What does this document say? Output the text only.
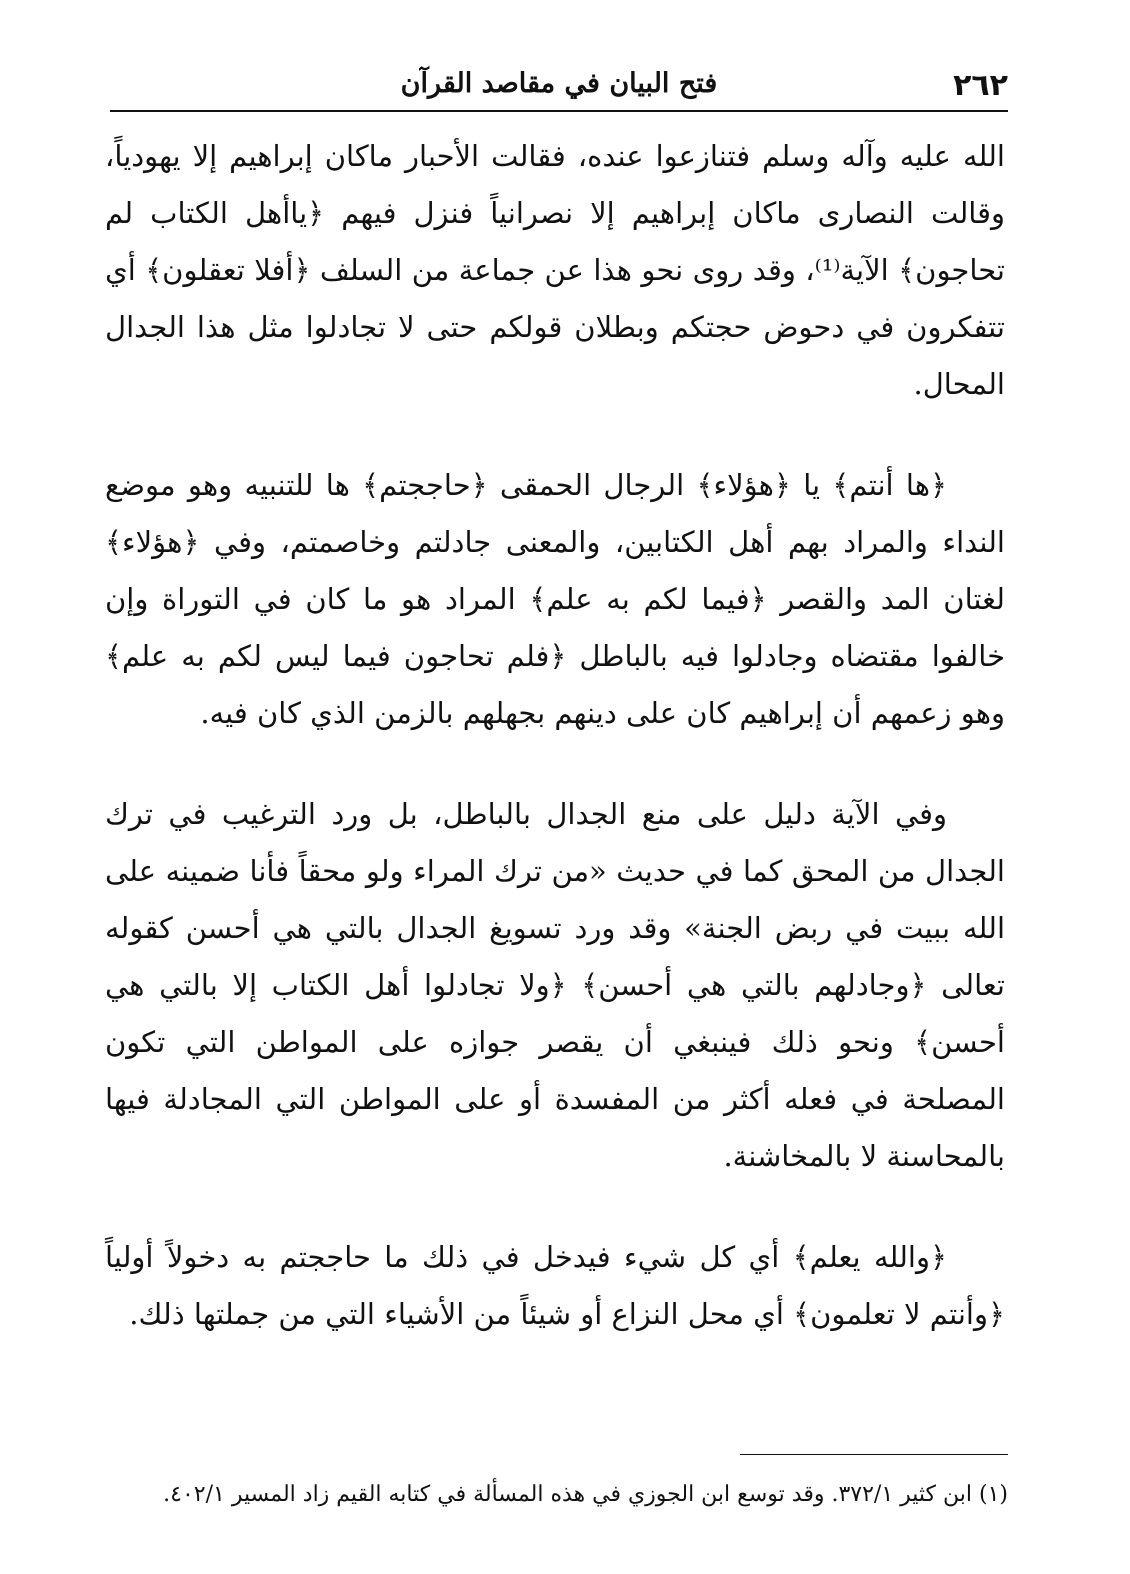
٢٦٢
فتح البيان في مقاصد القرآن

الله عليه وآله وسلم فتنازعوا عنده، فقالت الأحبار ماكان إبراهيم إلا يهودياً، وقالت النصارى ماكان إبراهيم إلا نصرانياً فنزل فيهم ﴿ياأهل الكتاب لم تحاجون﴾ الآية⁽¹⁾، وقد روى نحو هذا عن جماعة من السلف ﴿أفلا تعقلون﴾ أي تتفكرون في دحوض حجتكم وبطلان قولكم حتى لا تجادلوا مثل هذا الجدال المحال.

﴿ها أنتم﴾ يا ﴿هؤلاء﴾ الرجال الحمقى ﴿حاججتم﴾ ها للتنبيه وهو موضع النداء والمراد بهم أهل الكتابين، والمعنى جادلتم وخاصمتم، وفي ﴿هؤلاء﴾ لغتان المد والقصر ﴿فيما لكم به علم﴾ المراد هو ما كان في التوراة وإن خالفوا مقتضاه وجادلوا فيه بالباطل ﴿فلم تحاجون فيما ليس لكم به علم﴾ وهو زعمهم أن إبراهيم كان على دينهم بجهلهم بالزمن الذي كان فيه.

وفي الآية دليل على منع الجدال بالباطل، بل ورد الترغيب في ترك الجدال من المحق كما في حديث «من ترك المراء ولو محقاً فأنا ضمينه على الله ببيت في ربض الجنة» وقد ورد تسويغ الجدال بالتي هي أحسن كقوله تعالى ﴿وجادلهم بالتي هي أحسن﴾ ﴿ولا تجادلوا أهل الكتاب إلا بالتي هي أحسن﴾ ونحو ذلك فينبغي أن يقصر جوازه على المواطن التي تكون المصلحة في فعله أكثر من المفسدة أو على المواطن التي المجادلة فيها بالمحاسنة لا بالمخاشنة.

﴿والله يعلم﴾ أي كل شيء فيدخل في ذلك ما حاججتم به دخولاً أولياً ﴿وأنتم لا تعلمون﴾ أي محل النزاع أو شيئاً من الأشياء التي من جملتها ذلك.

(١) ابن كثير ٣٧٢/١. وقد توسع ابن الجوزي في هذه المسألة في كتابه القيم زاد المسير ٤٠٢/١.
